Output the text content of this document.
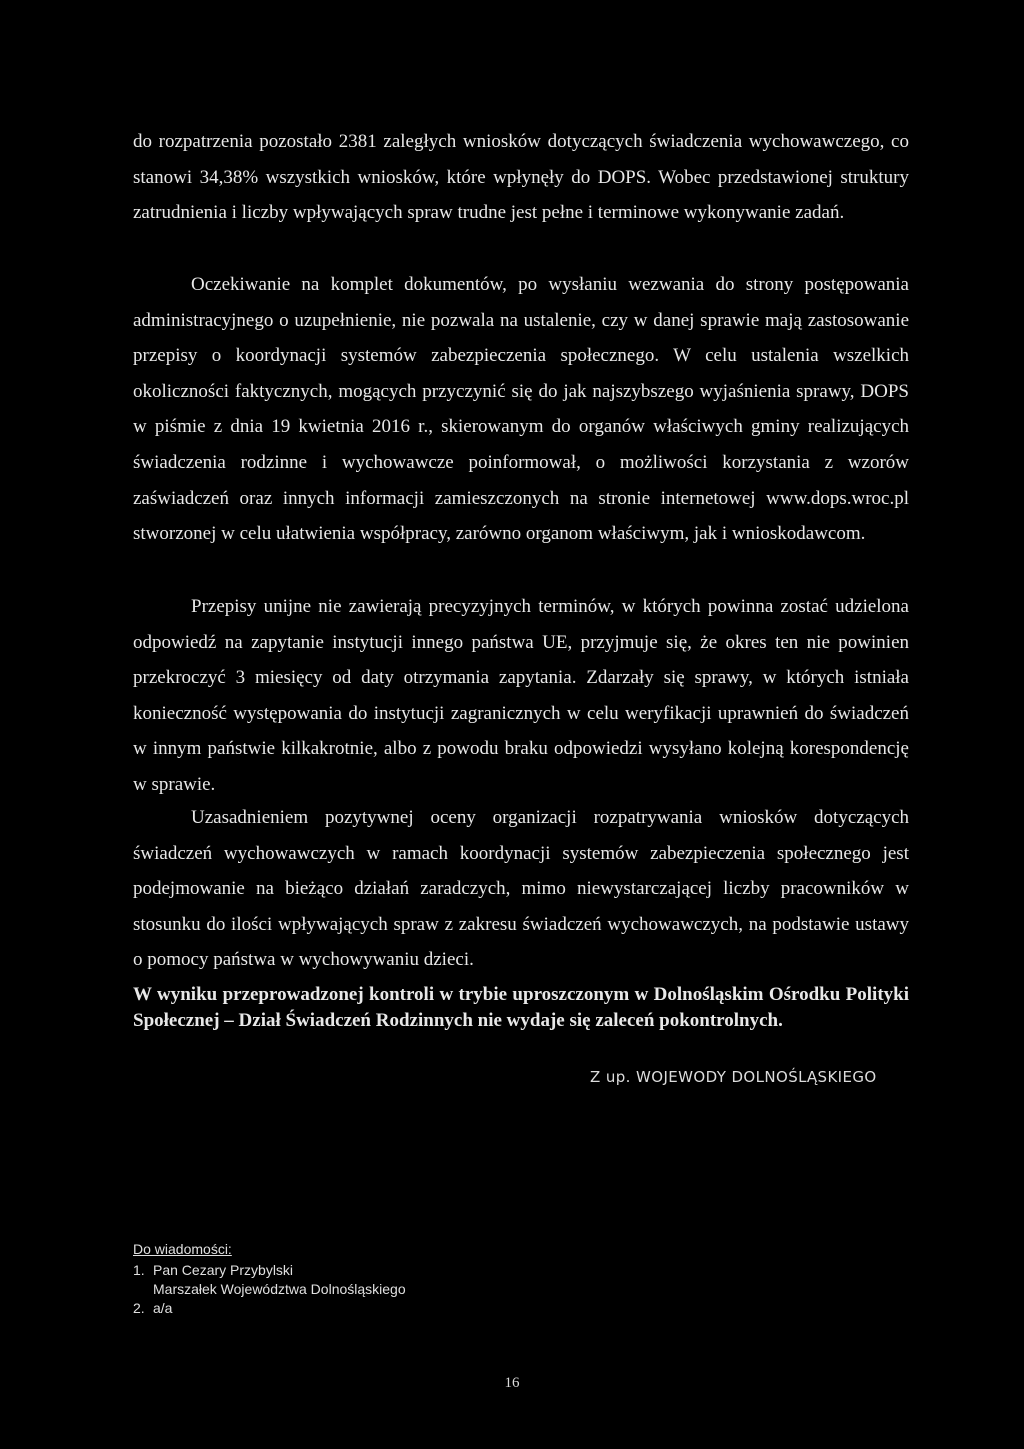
do rozpatrzenia pozostało 2381 zaległych wniosków dotyczących świadczenia wychowawczego, co stanowi 34,38% wszystkich wniosków, które wpłynęły do DOPS. Wobec przedstawionej struktury zatrudnienia i liczby wpływających spraw trudne jest pełne i terminowe wykonywanie zadań.

Oczekiwanie na komplet dokumentów, po wysłaniu wezwania do strony postępowania administracyjnego o uzupełnienie, nie pozwala na ustalenie, czy w danej sprawie mają zastosowanie przepisy o koordynacji systemów zabezpieczenia społecznego. W celu ustalenia wszelkich okoliczności faktycznych, mogących przyczynić się do jak najszybszego wyjaśnienia sprawy, DOPS w piśmie z dnia 19 kwietnia 2016 r., skierowanym do organów właściwych gminy realizujących świadczenia rodzinne i wychowawcze poinformował, o możliwości korzystania z wzorów zaświadczeń oraz innych informacji zamieszczonych na stronie internetowej www.dops.wroc.pl stworzonej w celu ułatwienia współpracy, zarówno organom właściwym, jak i wnioskodawcom.

Przepisy unijne nie zawierają precyzyjnych terminów, w których powinna zostać udzielona odpowiedź na zapytanie instytucji innego państwa UE, przyjmuje się, że okres ten nie powinien przekroczyć 3 miesięcy od daty otrzymania zapytania. Zdarzały się sprawy, w których istniała konieczność występowania do instytucji zagranicznych w celu weryfikacji uprawnień do świadczeń w innym państwie kilkakrotnie, albo z powodu braku odpowiedzi wysyłano kolejną korespondencję w sprawie.

Uzasadnieniem pozytywnej oceny organizacji rozpatrywania wniosków dotyczących świadczeń wychowawczych w ramach koordynacji systemów zabezpieczenia społecznego jest podejmowanie na bieżąco działań zaradczych, mimo niewystarczającej liczby pracowników w stosunku do ilości wpływających spraw z zakresu świadczeń wychowawczych, na podstawie ustawy o pomocy państwa w wychowywaniu dzieci.

W wyniku przeprowadzonej kontroli w trybie uproszczonym w Dolnośląskim Ośrodku Polityki Społecznej – Dział Świadczeń Rodzinnych nie wydaje się zaleceń pokontrolnych.

Z up. WOJEWODY DOLNOŚLĄSKIEGO
Do wiadomości:
1. Pan Cezary Przybylski
Marszałek Województwa Dolnośląskiego
2. a/a
16
